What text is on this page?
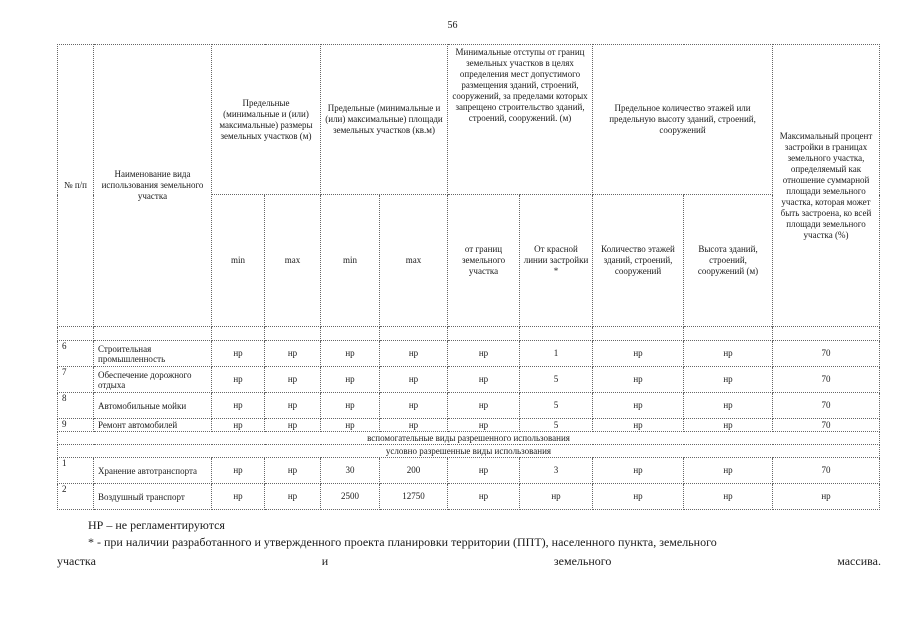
56
№ п/п	Наименование вида использования земельного участка	Предельные (минимальные и (или) максимальные) размеры земельных участков (м)		Предельные (минимальные и (или) максимальные) площади земельных участков (кв.м)		Минимальные отступы от границ земельных участков в целях определения мест допустимого размещения зданий, строений, сооружений, за пределами которых запрещено строительство зданий, строений, сооружений. (м)		Предельное количество этажей или предельную высоту зданий, строений, сооружений		Максимальный процент застройки в границах земельного участка, определяемый как отношение суммарной площади земельного участка, которая может быть застроена, ко всей площади земельного участка (%)
		min	max	min	max	от границ земельного участка	От красной линии застройки *	Количество этажей зданий, строений, сооружений	Высота зданий, строений, сооружений (м)	

6	Строительная промышленность	нр	нр	нр	нр	нр	1	нр	нр	70
7	Обеспечение дорожного отдыха	нр	нр	нр	нр	нр	5	нр	нр	70
8	Автомобильные мойки	нр	нр	нр	нр	нр	5	нр	нр	70
9	Ремонт автомобилей	нр	нр	нр	нр	нр	5	нр	нр	70
вспомогательные виды разрешенного использования										
условно разрешенные виды использования										
1	Хранение автотранспорта	нр	нр	30	200	нр	3	нр	нр	70
2	Воздушный транспорт	нр	нр	2500	12750	нр	нр	нр	нр	нр
НР – не регламентируются
* - при наличии разработанного и утвержденного проекта планировки территории (ППТ), населенного пункта, земельного
участка	и	земельного	массива.
